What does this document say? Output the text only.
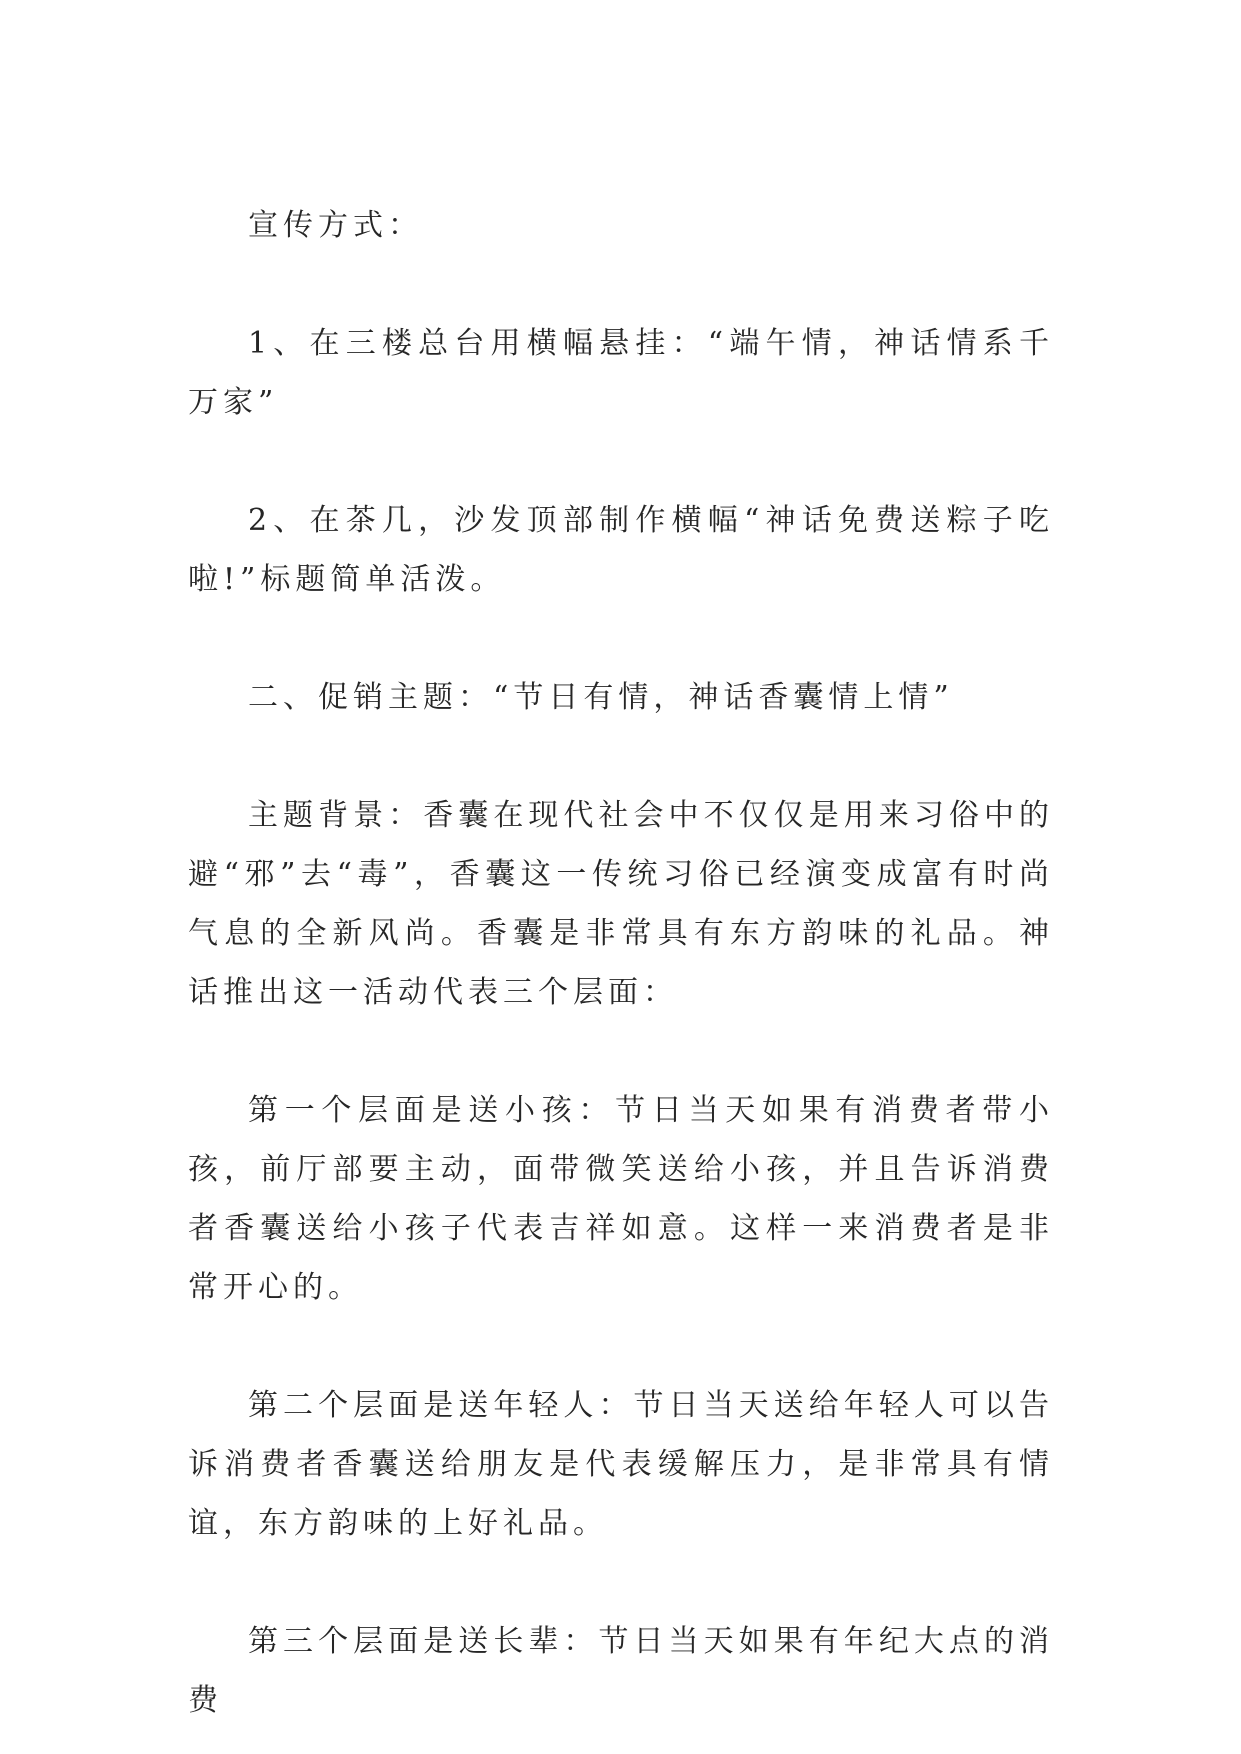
宣传方式：

1、在三楼总台用横幅悬挂：“端午情，神话情系千万家”

2、在茶几，沙发顶部制作横幅“神话免费送粽子吃啦!”标题简单活泼。

二、促销主题：“节日有情，神话香囊情上情”

主题背景：香囊在现代社会中不仅仅是用来习俗中的避“邪”去“毒”，香囊这一传统习俗已经演变成富有时尚气息的全新风尚。香囊是非常具有东方韵味的礼品。神话推出这一活动代表三个层面：

第一个层面是送小孩：节日当天如果有消费者带小孩，前厅部要主动，面带微笑送给小孩，并且告诉消费者香囊送给小孩子代表吉祥如意。这样一来消费者是非常开心的。

第二个层面是送年轻人：节日当天送给年轻人可以告诉消费者香囊送给朋友是代表缓解压力，是非常具有情谊，东方韵味的上好礼品。

第三个层面是送长辈：节日当天如果有年纪大点的消费
